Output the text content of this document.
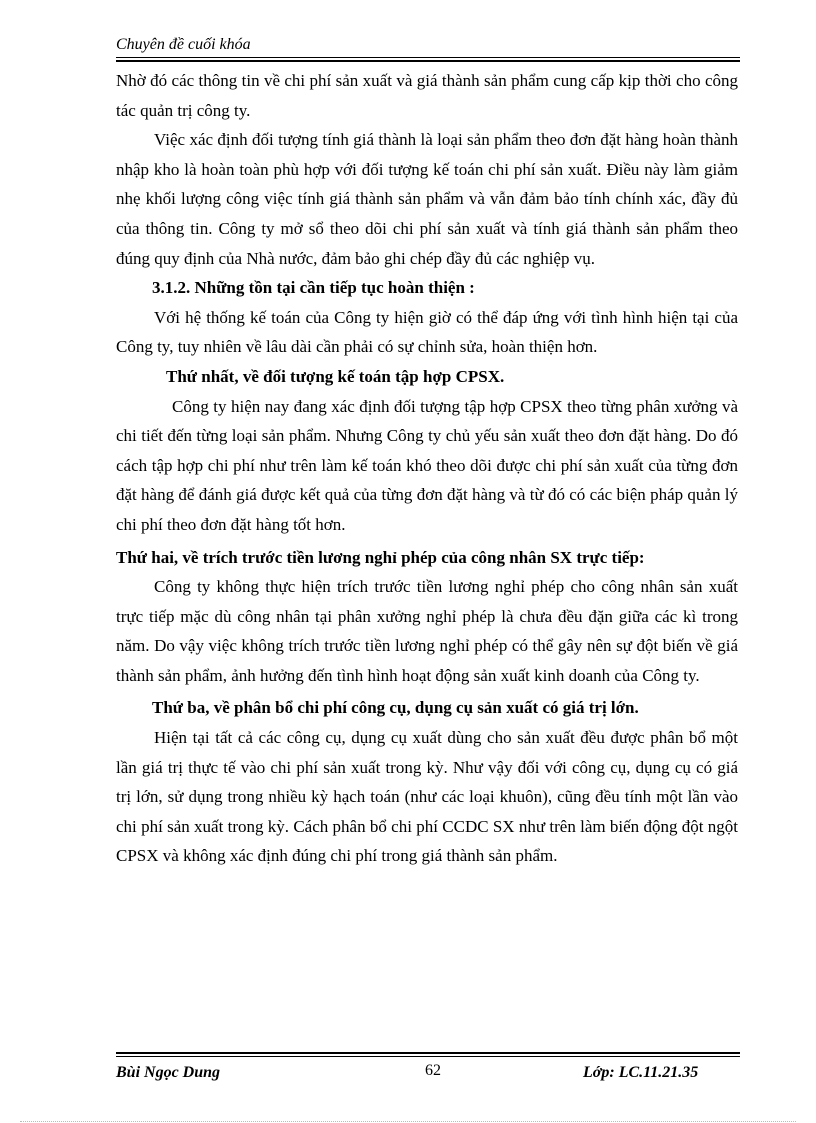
Chuyên đề cuối khóa

Nhờ đó các thông tin về chi phí sản xuất và giá thành sản phẩm cung cấp kịp thời cho công tác quản trị công ty.

Việc xác định đối tượng tính giá thành là loại sản phẩm theo đơn đặt hàng hoàn thành nhập kho là hoàn toàn phù hợp với đối tượng kế toán chi phí sản xuất. Điều này làm giảm nhẹ khối lượng công việc tính giá thành sản phẩm và vẫn đảm bảo tính chính xác, đầy đủ của thông tin. Công ty mở sổ theo dõi chi phí sản xuất và tính giá thành sản phẩm theo đúng quy định của Nhà nước, đảm bảo ghi chép đầy đủ các nghiệp vụ.

3.1.2. Những tồn tại cần tiếp tục hoàn thiện :

Với hệ thống kế toán của Công ty hiện giờ có thể đáp ứng với tình hình hiện tại của Công ty, tuy nhiên về lâu dài cần phải có sự chỉnh sửa, hoàn thiện hơn.

Thứ nhất, về đối tượng kế toán tập hợp CPSX.

Công ty hiện nay đang xác định đối tượng tập hợp CPSX theo từng phân xưởng và chi tiết đến từng loại sản phẩm. Nhưng Công ty chủ yếu sản xuất theo đơn đặt hàng. Do đó cách tập hợp chi phí như trên làm kế toán khó theo dõi được chi phí sản xuất của từng đơn đặt hàng để đánh giá được kết quả của từng đơn đặt hàng và từ đó có các biện pháp quản lý chi phí theo đơn đặt hàng tốt hơn.

Thứ hai, về trích trước tiền lương nghỉ phép của công nhân SX trực tiếp:

Công ty không thực hiện trích trước tiền lương nghỉ phép cho công nhân sản xuất trực tiếp mặc dù công nhân tại phân xưởng nghỉ phép là chưa đều đặn giữa các kì trong năm. Do vậy việc không trích trước tiền lương nghỉ phép có thể gây nên sự đột biến về giá thành sản phẩm, ảnh hưởng đến tình hình hoạt động sản xuất kinh doanh của Công ty.

Thứ ba, về phân bổ chi phí công cụ, dụng cụ sản xuất có giá trị lớn.

Hiện tại tất cả các công cụ, dụng cụ xuất dùng cho sản xuất đều được phân bổ một lần giá trị thực tế vào chi phí sản xuất trong kỳ. Như vậy đối với công cụ, dụng cụ có giá trị lớn, sử dụng trong nhiều kỳ hạch toán (như các loại khuôn), cũng đều tính một lần vào chi phí sản xuất trong kỳ. Cách phân bổ chi phí CCDC SX như trên làm biến động đột ngột CPSX và không xác định đúng chi phí trong giá thành sản phẩm.

Bùi Ngọc Dung	62	Lớp: LC.11.21.35
